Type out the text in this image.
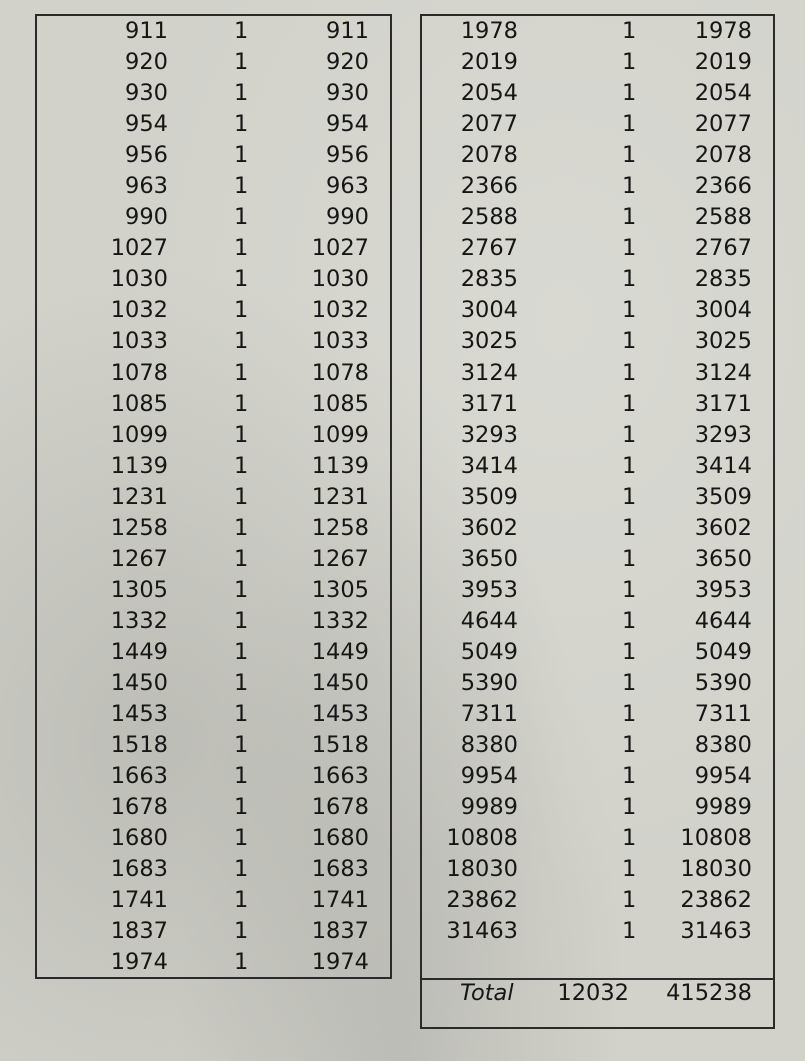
911	1	911
920	1	920
930	1	930
954	1	954
956	1	956
963	1	963
990	1	990
1027	1	1027
1030	1	1030
1032	1	1032
1033	1	1033
1078	1	1078
1085	1	1085
1099	1	1099
1139	1	1139
1231	1	1231
1258	1	1258
1267	1	1267
1305	1	1305
1332	1	1332
1449	1	1449
1450	1	1450
1453	1	1453
1518	1	1518
1663	1	1663
1678	1	1678
1680	1	1680
1683	1	1683
1741	1	1741
1837	1	1837
1974	1	1974
1978	1	1978
2019	1	2019
2054	1	2054
2077	1	2077
2078	1	2078
2366	1	2366
2588	1	2588
2767	1	2767
2835	1	2835
3004	1	3004
3025	1	3025
3124	1	3124
3171	1	3171
3293	1	3293
3414	1	3414
3509	1	3509
3602	1	3602
3650	1	3650
3953	1	3953
4644	1	4644
5049	1	5049
5390	1	5390
7311	1	7311
8380	1	8380
9954	1	9954
9989	1	9989
10808	1 10808
18030	1 18030
23862	1 23862
31463	1 31463
Total 12032 415238
